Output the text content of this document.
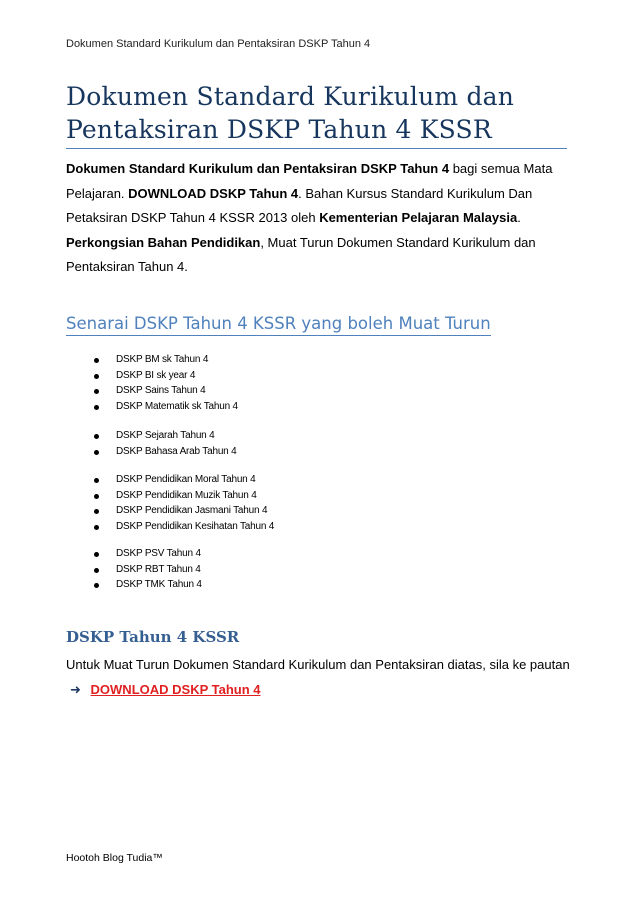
Dokumen Standard Kurikulum dan Pentaksiran DSKP Tahun 4
Dokumen Standard Kurikulum dan
Pentaksiran DSKP Tahun 4 KSSR

Dokumen Standard Kurikulum dan Pentaksiran DSKP Tahun 4 bagi semua Mata Pelajaran. DOWNLOAD DSKP Tahun 4. Bahan Kursus Standard Kurikulum Dan Petaksiran DSKP Tahun 4 KSSR 2013 oleh Kementerian Pelajaran Malaysia. Perkongsian Bahan Pendidikan, Muat Turun Dokumen Standard Kurikulum dan Pentaksiran Tahun 4.

Senarai DSKP Tahun 4 KSSR yang boleh Muat Turun
DSKP BM sk Tahun 4
DSKP BI sk year 4
DSKP Sains Tahun 4
DSKP Matematik sk Tahun 4
DSKP Sejarah Tahun 4
DSKP Bahasa Arab Tahun 4
DSKP Pendidikan Moral Tahun 4
DSKP Pendidikan Muzik Tahun 4
DSKP Pendidikan Jasmani Tahun 4
DSKP Pendidikan Kesihatan Tahun 4
DSKP PSV Tahun 4
DSKP RBT Tahun 4
DSKP TMK Tahun 4
DSKP Tahun 4 KSSR

Untuk Muat Turun Dokumen Standard Kurikulum dan Pentaksiran diatas, sila ke pautan ➜ DOWNLOAD DSKP Tahun 4

Hootoh Blog Tudia™
